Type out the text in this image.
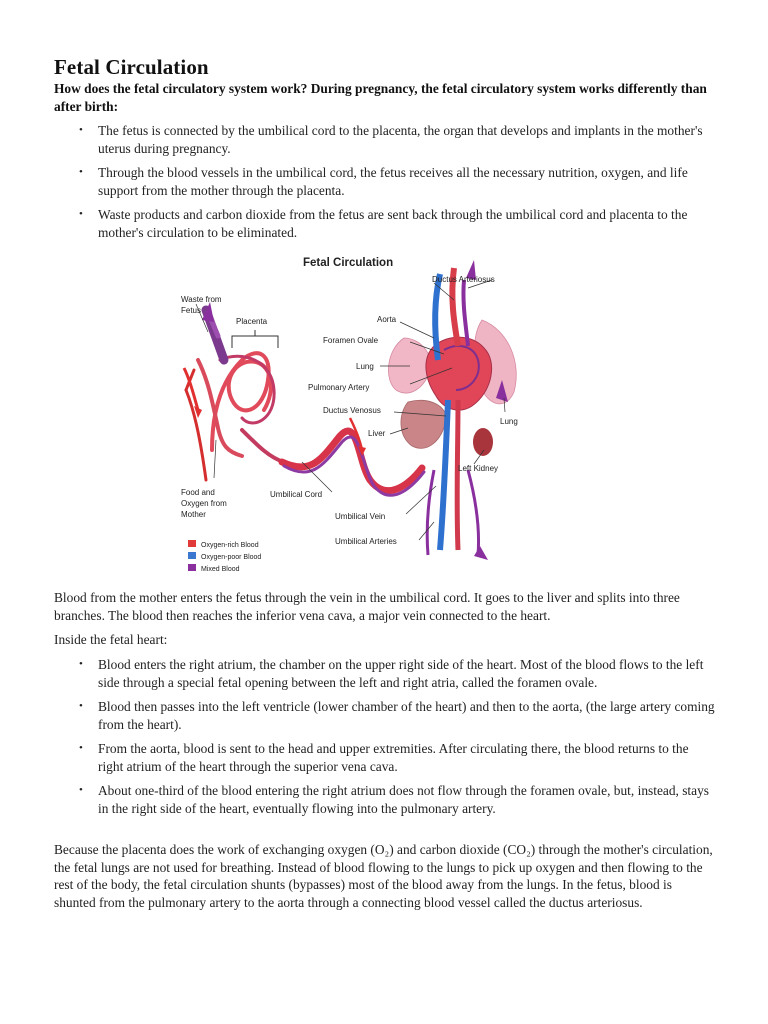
Fetal Circulation

How does the fetal circulatory system work? During pregnancy, the fetal circulatory system works differently than after birth:

• The fetus is connected by the umbilical cord to the placenta, the organ that develops and implants in the mother's uterus during pregnancy.
• Through the blood vessels in the umbilical cord, the fetus receives all the necessary nutrition, oxygen, and life support from the mother through the placenta.
• Waste products and carbon dioxide from the fetus are sent back through the umbilical cord and placenta to the mother's circulation to be eliminated.
Fetal Circulation
Waste from
Fetus
Placenta
Ductus Arteriosus
Aorta
Foramen Ovale
Lung
Pulmonary Artery
Ductus Venosus
Liver
Lung
Left Kidney
Food and
Oxygen from
Mother
Umbilical Cord
Umbilical Vein
Umbilical Arteries
Oxygen-rich Blood
Oxygen-poor Blood
Mixed Blood

Blood from the mother enters the fetus through the vein in the umbilical cord. It goes to the liver and splits into three branches. The blood then reaches the inferior vena cava, a major vein connected to the heart.

Inside the fetal heart:

• Blood enters the right atrium, the chamber on the upper right side of the heart. Most of the blood flows to the left side through a special fetal opening between the left and right atria, called the foramen ovale.
• Blood then passes into the left ventricle (lower chamber of the heart) and then to the aorta, (the large artery coming from the heart).
• From the aorta, blood is sent to the head and upper extremities. After circulating there, the blood returns to the right atrium of the heart through the superior vena cava.
• About one-third of the blood entering the right atrium does not flow through the foramen ovale, but, instead, stays in the right side of the heart, eventually flowing into the pulmonary artery.

Because the placenta does the work of exchanging oxygen (O₂) and carbon dioxide (CO₂) through the mother's circulation, the fetal lungs are not used for breathing. Instead of blood flowing to the lungs to pick up oxygen and then flowing to the rest of the body, the fetal circulation shunts (bypasses) most of the blood away from the lungs. In the fetus, blood is shunted from the pulmonary artery to the aorta through a connecting blood vessel called the ductus arteriosus.
